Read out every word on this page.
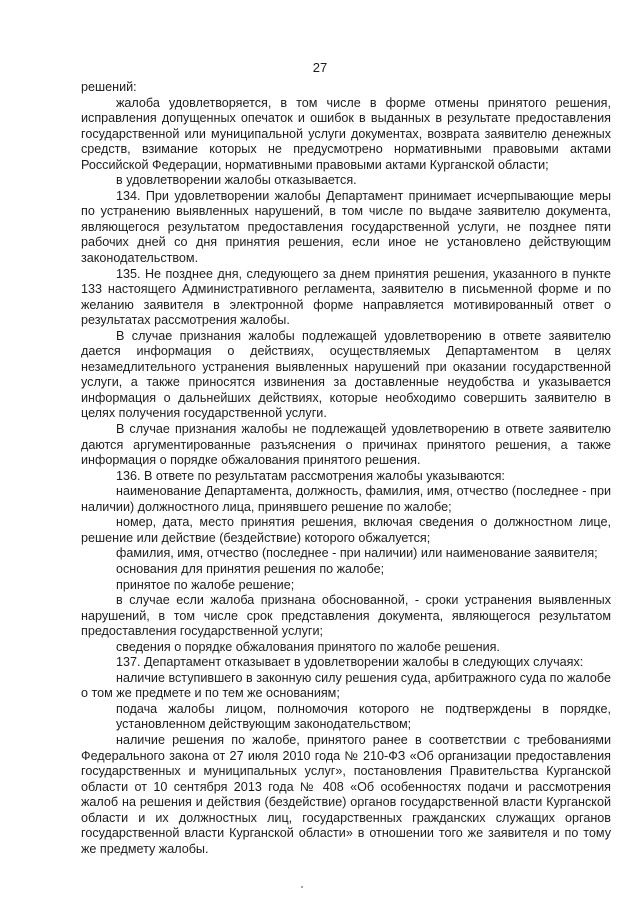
27

решений:

жалоба удовлетворяется, в том числе в форме отмены принятого решения, исправления допущенных опечаток и ошибок в выданных в результате предоставления государственной или муниципальной услуги документах, возврата заявителю денежных средств, взимание которых не предусмотрено нормативными правовыми актами Российской Федерации, нормативными правовыми актами Курганской области;

в удовлетворении жалобы отказывается.

134. При удовлетворении жалобы Департамент принимает исчерпывающие меры по устранению выявленных нарушений, в том числе по выдаче заявителю документа, являющегося результатом предоставления государственной услуги, не позднее пяти рабочих дней со дня принятия решения, если иное не установлено действующим законодательством.

135. Не позднее дня, следующего за днем принятия решения, указанного в пункте 133 настоящего Административного регламента, заявителю в письменной форме и по желанию заявителя в электронной форме направляется мотивированный ответ о результатах рассмотрения жалобы.

В случае признания жалобы подлежащей удовлетворению в ответе заявителю дается информация о действиях, осуществляемых Департаментом в целях незамедлительного устранения выявленных нарушений при оказании государственной услуги, а также приносятся извинения за доставленные неудобства и указывается информация о дальнейших действиях, которые необходимо совершить заявителю в целях получения государственной услуги.

В случае признания жалобы не подлежащей удовлетворению в ответе заявителю даются аргументированные разъяснения о причинах принятого решения, а также информация о порядке обжалования принятого решения.

136. В ответе по результатам рассмотрения жалобы указываются:

наименование Департамента, должность, фамилия, имя, отчество (последнее - при наличии) должностного лица, принявшего решение по жалобе;

номер, дата, место принятия решения, включая сведения о должностном лице, решение или действие (бездействие) которого обжалуется;

фамилия, имя, отчество (последнее - при наличии) или наименование заявителя;

основания для принятия решения по жалобе;

принятое по жалобе решение;

в случае если жалоба признана обоснованной, - сроки устранения выявленных нарушений, в том числе срок представления документа, являющегося результатом предоставления государственной услуги;

сведения о порядке обжалования принятого по жалобе решения.

137. Департамент отказывает в удовлетворении жалобы в следующих случаях:

наличие вступившего в законную силу решения суда, арбитражного суда по жалобе о том же предмете и по тем же основаниям;

подача жалобы лицом, полномочия которого не подтверждены в порядке, установленном действующим законодательством;

наличие решения по жалобе, принятого ранее в соответствии с требованиями Федерального закона от 27 июля 2010 года № 210-ФЗ «Об организации предоставления государственных и муниципальных услуг», постановления Правительства Курганской области от 10 сентября 2013 года № 408 «Об особенностях подачи и рассмотрения жалоб на решения и действия (бездействие) органов государственной власти Курганской области и их должностных лиц, государственных гражданских служащих органов государственной власти Курганской области» в отношении того же заявителя и по тому же предмету жалобы.
